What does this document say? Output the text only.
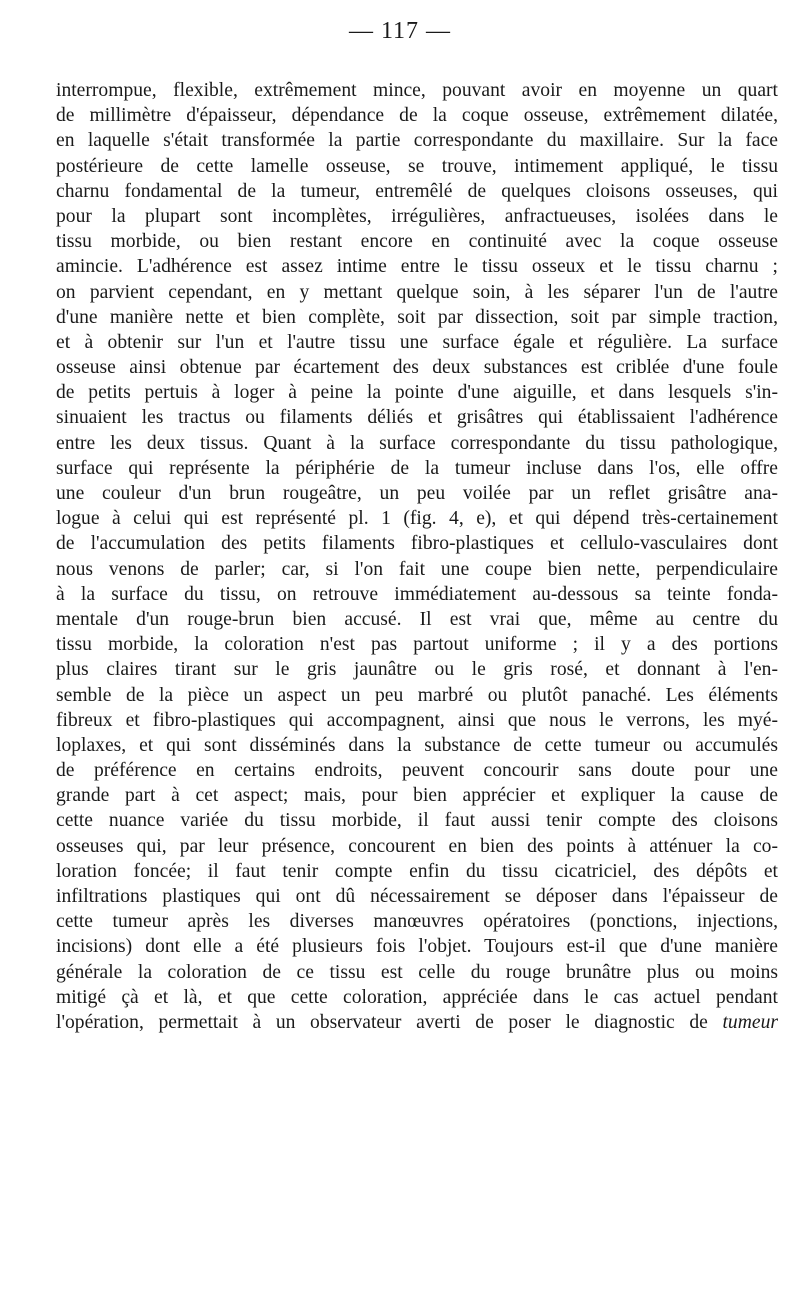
— 117 —
interrompue, flexible, extrêmement mince, pouvant avoir en moyenne un quart
de millimètre d'épaisseur, dépendance de la coque osseuse, extrêmement dilatée,
en laquelle s'était transformée la partie correspondante du maxillaire. Sur la face
postérieure de cette lamelle osseuse, se trouve, intimement appliqué, le tissu
charnu fondamental de la tumeur, entremêlé de quelques cloisons osseuses, qui
pour la plupart sont incomplètes, irrégulières, anfractueuses, isolées dans le
tissu morbide, ou bien restant encore en continuité avec la coque osseuse
amincie. L'adhérence est assez intime entre le tissu osseux et le tissu charnu ;
on parvient cependant, en y mettant quelque soin, à les séparer l'un de l'autre
d'une manière nette et bien complète, soit par dissection, soit par simple traction,
et à obtenir sur l'un et l'autre tissu une surface égale et régulière. La surface
osseuse ainsi obtenue par écartement des deux substances est criblée d'une foule
de petits pertuis à loger à peine la pointe d'une aiguille, et dans lesquels s'in-
sinuaient les tractus ou filaments déliés et grisâtres qui établissaient l'adhérence
entre les deux tissus. Quant à la surface correspondante du tissu pathologique,
surface qui représente la périphérie de la tumeur incluse dans l'os, elle offre
une couleur d'un brun rougeâtre, un peu voilée par un reflet grisâtre ana-
logue à celui qui est représenté pl. 1 (fig. 4, e), et qui dépend très-certainement
de l'accumulation des petits filaments fibro-plastiques et cellulo-vasculaires dont
nous venons de parler; car, si l'on fait une coupe bien nette, perpendiculaire
à la surface du tissu, on retrouve immédiatement au-dessous sa teinte fonda-
mentale d'un rouge-brun bien accusé. Il est vrai que, même au centre du
tissu morbide, la coloration n'est pas partout uniforme ; il y a des portions
plus claires tirant sur le gris jaunâtre ou le gris rosé, et donnant à l'en-
semble de la pièce un aspect un peu marbré ou plutôt panaché. Les éléments
fibreux et fibro-plastiques qui accompagnent, ainsi que nous le verrons, les myé-
loplaxes, et qui sont disséminés dans la substance de cette tumeur ou accumulés
de préférence en certains endroits, peuvent concourir sans doute pour une
grande part à cet aspect; mais, pour bien apprécier et expliquer la cause de
cette nuance variée du tissu morbide, il faut aussi tenir compte des cloisons
osseuses qui, par leur présence, concourent en bien des points à atténuer la co-
loration foncée; il faut tenir compte enfin du tissu cicatriciel, des dépôts et
infiltrations plastiques qui ont dû nécessairement se déposer dans l'épaisseur de
cette tumeur après les diverses manœuvres opératoires (ponctions, injections,
incisions) dont elle a été plusieurs fois l'objet. Toujours est-il que d'une manière
générale la coloration de ce tissu est celle du rouge brunâtre plus ou moins
mitigé çà et là, et que cette coloration, appréciée dans le cas actuel pendant
l'opération, permettait à un observateur averti de poser le diagnostic de tumeur
